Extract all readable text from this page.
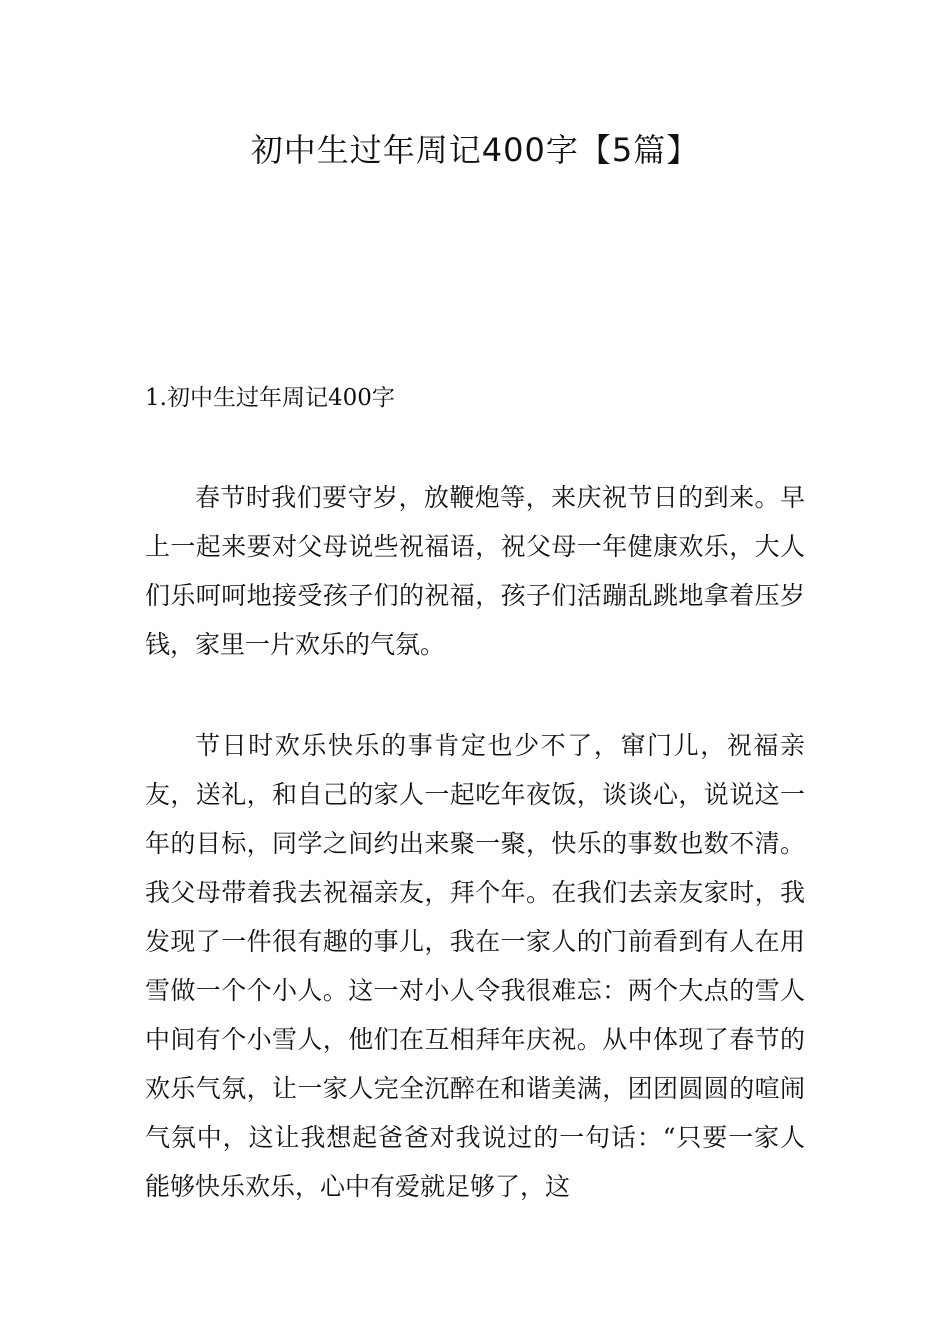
初中生过年周记400字【5篇】
1.初中生过年周记400字

春节时我们要守岁，放鞭炮等，来庆祝节日的到来。早上一起来要对父母说些祝福语，祝父母一年健康欢乐，大人们乐呵呵地接受孩子们的祝福，孩子们活蹦乱跳地拿着压岁钱，家里一片欢乐的气氛。

节日时欢乐快乐的事肯定也少不了，窜门儿，祝福亲友，送礼，和自己的家人一起吃年夜饭，谈谈心，说说这一年的目标，同学之间约出来聚一聚，快乐的事数也数不清。我父母带着我去祝福亲友，拜个年。在我们去亲友家时，我发现了一件很有趣的事儿，我在一家人的门前看到有人在用雪做一个个小人。这一对小人令我很难忘：两个大点的雪人中间有个小雪人，他们在互相拜年庆祝。从中体现了春节的欢乐气氛，让一家人完全沉醉在和谐美满，团团圆圆的喧闹气氛中，这让我想起爸爸对我说过的一句话：“只要一家人能够快乐欢乐，心中有爱就足够了，这
